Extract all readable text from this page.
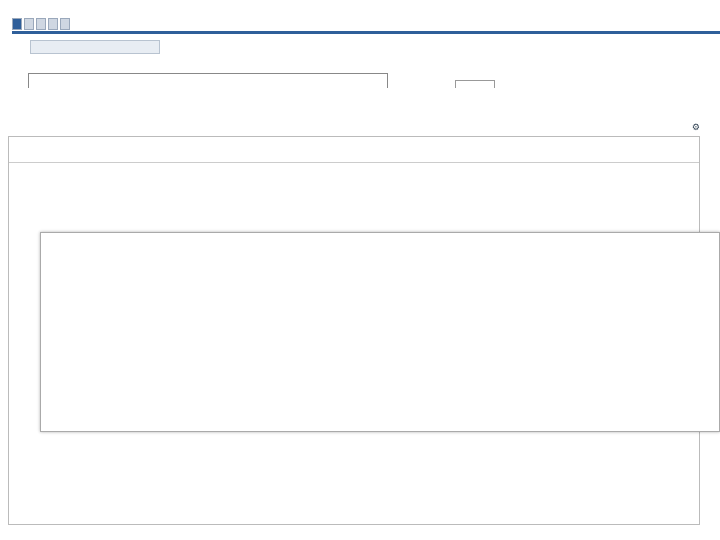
⚙
